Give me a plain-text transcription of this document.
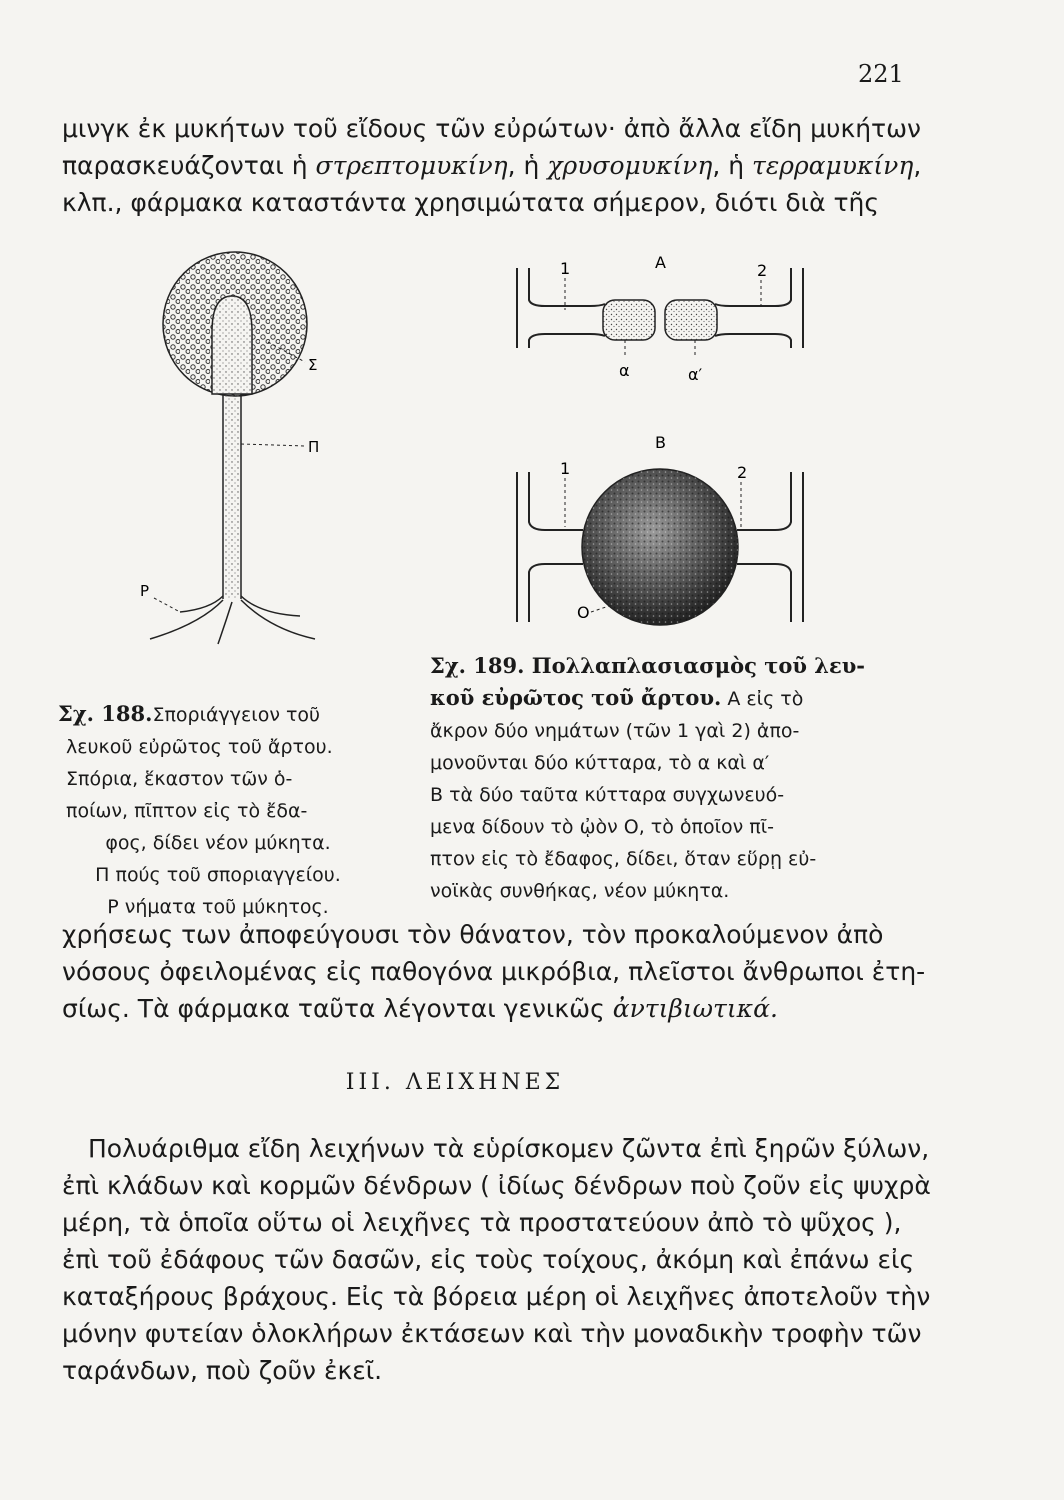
221
μινγκ ἐκ μυκήτων τοῦ εἴδους τῶν εὐρώτων· ἀπὸ ἄλλα εἴδη μυκήτων
παρασκευάζονται ἡ στρεπτομυκίνη, ἡ χρυσομυκίνη, ἡ τερραμυκίνη,
κλπ., φάρμακα καταστάντα χρησιμώτατα σήμερον, διότι διὰ τῆς
Σ
Π
Ρ
A
1	2
α	α′
B
1	2
Ο
Σχ. 188.Σποριάγγειον τοῦ
λευκοῦ εὐρῶτος τοῦ ἄρτου.
Σπόρια, ἕκαστον τῶν ὁ-
ποίων, πῖπτον εἰς τὸ ἔδα-
φος, δίδει νέον μύκητα.
Π πούς τοῦ σποριαγγείου.
Ρ νήματα τοῦ μύκητος.
Σχ. 189. Πολλαπλασιασμὸς τοῦ λευ-
κοῦ εὐρῶτος τοῦ ἄρτου. A εἰς τὸ
ἄκρον δύο νημάτων (τῶν 1 γαὶ 2) ἀπο-
μονοῦνται δύο κύτταρα, τὸ α καὶ α′
B τὰ δύο ταῦτα κύτταρα συγχωνευό-
μενα δίδουν τὸ ᾠὸν Ο, τὸ ὁποῖον πῖ-
πτον εἰς τὸ ἔδαφος, δίδει, ὅταν εὕρῃ εὐ-
νοϊκὰς συνθήκας, νέον μύκητα.
χρήσεως των ἀποφεύγουσι τὸν θάνατον, τὸν προκαλούμενον ἀπὸ
νόσους ὀφειλομένας εἰς παθογόνα μικρόβια, πλεῖστοι ἄνθρωποι ἐτη-
σίως. Τὰ φάρμακα ταῦτα λέγονται γενικῶς ἀντιβιωτικά.
III. ΛΕΙΧΗΝΕΣ
Πολυάριθμα εἴδη λειχήνων τὰ εὑρίσκομεν ζῶντα ἐπὶ ξηρῶν ξύλων,
ἐπὶ κλάδων καὶ κορμῶν δένδρων ( ἰδίως δένδρων ποὺ ζοῦν εἰς ψυχρὰ
μέρη, τὰ ὁποῖα οὕτω οἱ λειχῆνες τὰ προστατεύουν ἀπὸ τὸ ψῦχος ),
ἐπὶ τοῦ ἐδάφους τῶν δασῶν, εἰς τοὺς τοίχους, ἀκόμη καὶ ἐπάνω εἰς
καταξήρους βράχους. Εἰς τὰ βόρεια μέρη οἱ λειχῆνες ἀποτελοῦν τὴν
μόνην φυτείαν ὁλοκλήρων ἐκτάσεων καὶ τὴν μοναδικὴν τροφὴν τῶν
ταράνδων, ποὺ ζοῦν ἐκεῖ.
